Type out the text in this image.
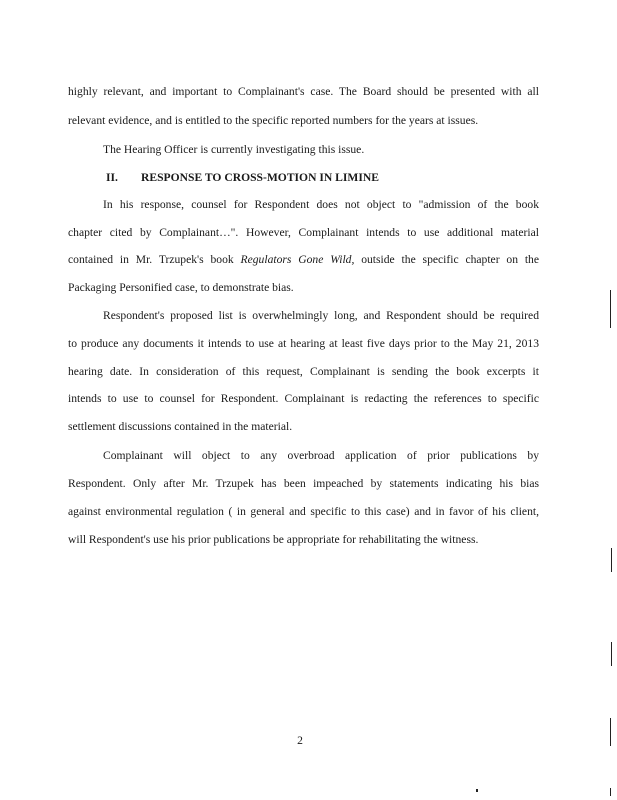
highly relevant, and important to Complainant's case. The Board should be presented with all
relevant evidence, and is entitled to the specific reported numbers for the years at issues.
The Hearing Officer is currently investigating this issue.
II. RESPONSE TO CROSS-MOTION IN LIMINE
In his response, counsel for Respondent does not object to "admission of the book
chapter cited by Complainant…". However, Complainant intends to use additional material
contained in Mr. Trzupek's book Regulators Gone Wild, outside the specific chapter on the
Packaging Personified case, to demonstrate bias.
Respondent's proposed list is overwhelmingly long, and Respondent should be required
to produce any documents it intends to use at hearing at least five days prior to the May 21, 2013
hearing date. In consideration of this request, Complainant is sending the book excerpts it
intends to use to counsel for Respondent. Complainant is redacting the references to specific
settlement discussions contained in the material.
Complainant will object to any overbroad application of prior publications by
Respondent. Only after Mr. Trzupek has been impeached by statements indicating his bias
against environmental regulation ( in general and specific to this case) and in favor of his client,
will Respondent's use his prior publications be appropriate for rehabilitating the witness.
2
